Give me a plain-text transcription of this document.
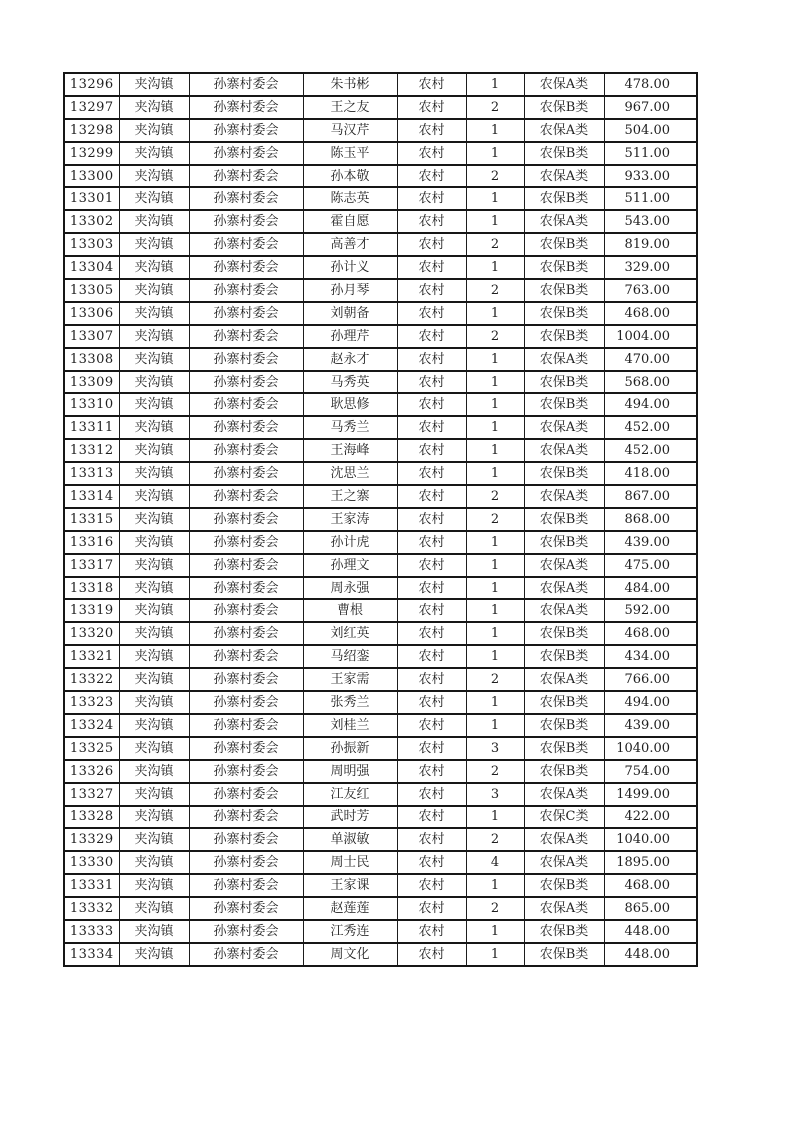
13296	夹沟镇	孙寨村委会	朱书彬	农村	1	农保A类	478.00
13297	夹沟镇	孙寨村委会	王之友	农村	2	农保B类	967.00
13298	夹沟镇	孙寨村委会	马汉芹	农村	1	农保A类	504.00
13299	夹沟镇	孙寨村委会	陈玉平	农村	1	农保B类	511.00
13300	夹沟镇	孙寨村委会	孙本敬	农村	2	农保A类	933.00
13301	夹沟镇	孙寨村委会	陈志英	农村	1	农保B类	511.00
13302	夹沟镇	孙寨村委会	霍自愿	农村	1	农保A类	543.00
13303	夹沟镇	孙寨村委会	高善才	农村	2	农保B类	819.00
13304	夹沟镇	孙寨村委会	孙计义	农村	1	农保B类	329.00
13305	夹沟镇	孙寨村委会	孙月琴	农村	2	农保B类	763.00
13306	夹沟镇	孙寨村委会	刘朝备	农村	1	农保B类	468.00
13307	夹沟镇	孙寨村委会	孙理芹	农村	2	农保B类	1004.00
13308	夹沟镇	孙寨村委会	赵永才	农村	1	农保A类	470.00
13309	夹沟镇	孙寨村委会	马秀英	农村	1	农保B类	568.00
13310	夹沟镇	孙寨村委会	耿思修	农村	1	农保B类	494.00
13311	夹沟镇	孙寨村委会	马秀兰	农村	1	农保A类	452.00
13312	夹沟镇	孙寨村委会	王海峰	农村	1	农保A类	452.00
13313	夹沟镇	孙寨村委会	沈思兰	农村	1	农保B类	418.00
13314	夹沟镇	孙寨村委会	王之寨	农村	2	农保A类	867.00
13315	夹沟镇	孙寨村委会	王家涛	农村	2	农保B类	868.00
13316	夹沟镇	孙寨村委会	孙计虎	农村	1	农保B类	439.00
13317	夹沟镇	孙寨村委会	孙理文	农村	1	农保A类	475.00
13318	夹沟镇	孙寨村委会	周永强	农村	1	农保A类	484.00
13319	夹沟镇	孙寨村委会	曹根	农村	1	农保A类	592.00
13320	夹沟镇	孙寨村委会	刘红英	农村	1	农保B类	468.00
13321	夹沟镇	孙寨村委会	马绍銮	农村	1	农保B类	434.00
13322	夹沟镇	孙寨村委会	王家需	农村	2	农保A类	766.00
13323	夹沟镇	孙寨村委会	张秀兰	农村	1	农保B类	494.00
13324	夹沟镇	孙寨村委会	刘桂兰	农村	1	农保B类	439.00
13325	夹沟镇	孙寨村委会	孙振新	农村	3	农保B类	1040.00
13326	夹沟镇	孙寨村委会	周明强	农村	2	农保B类	754.00
13327	夹沟镇	孙寨村委会	江友红	农村	3	农保A类	1499.00
13328	夹沟镇	孙寨村委会	武时芳	农村	1	农保C类	422.00
13329	夹沟镇	孙寨村委会	单淑敏	农村	2	农保A类	1040.00
13330	夹沟镇	孙寨村委会	周士民	农村	4	农保A类	1895.00
13331	夹沟镇	孙寨村委会	王家课	农村	1	农保B类	468.00
13332	夹沟镇	孙寨村委会	赵莲莲	农村	2	农保A类	865.00
13333	夹沟镇	孙寨村委会	江秀连	农村	1	农保B类	448.00
13334	夹沟镇	孙寨村委会	周文化	农村	1	农保B类	448.00
